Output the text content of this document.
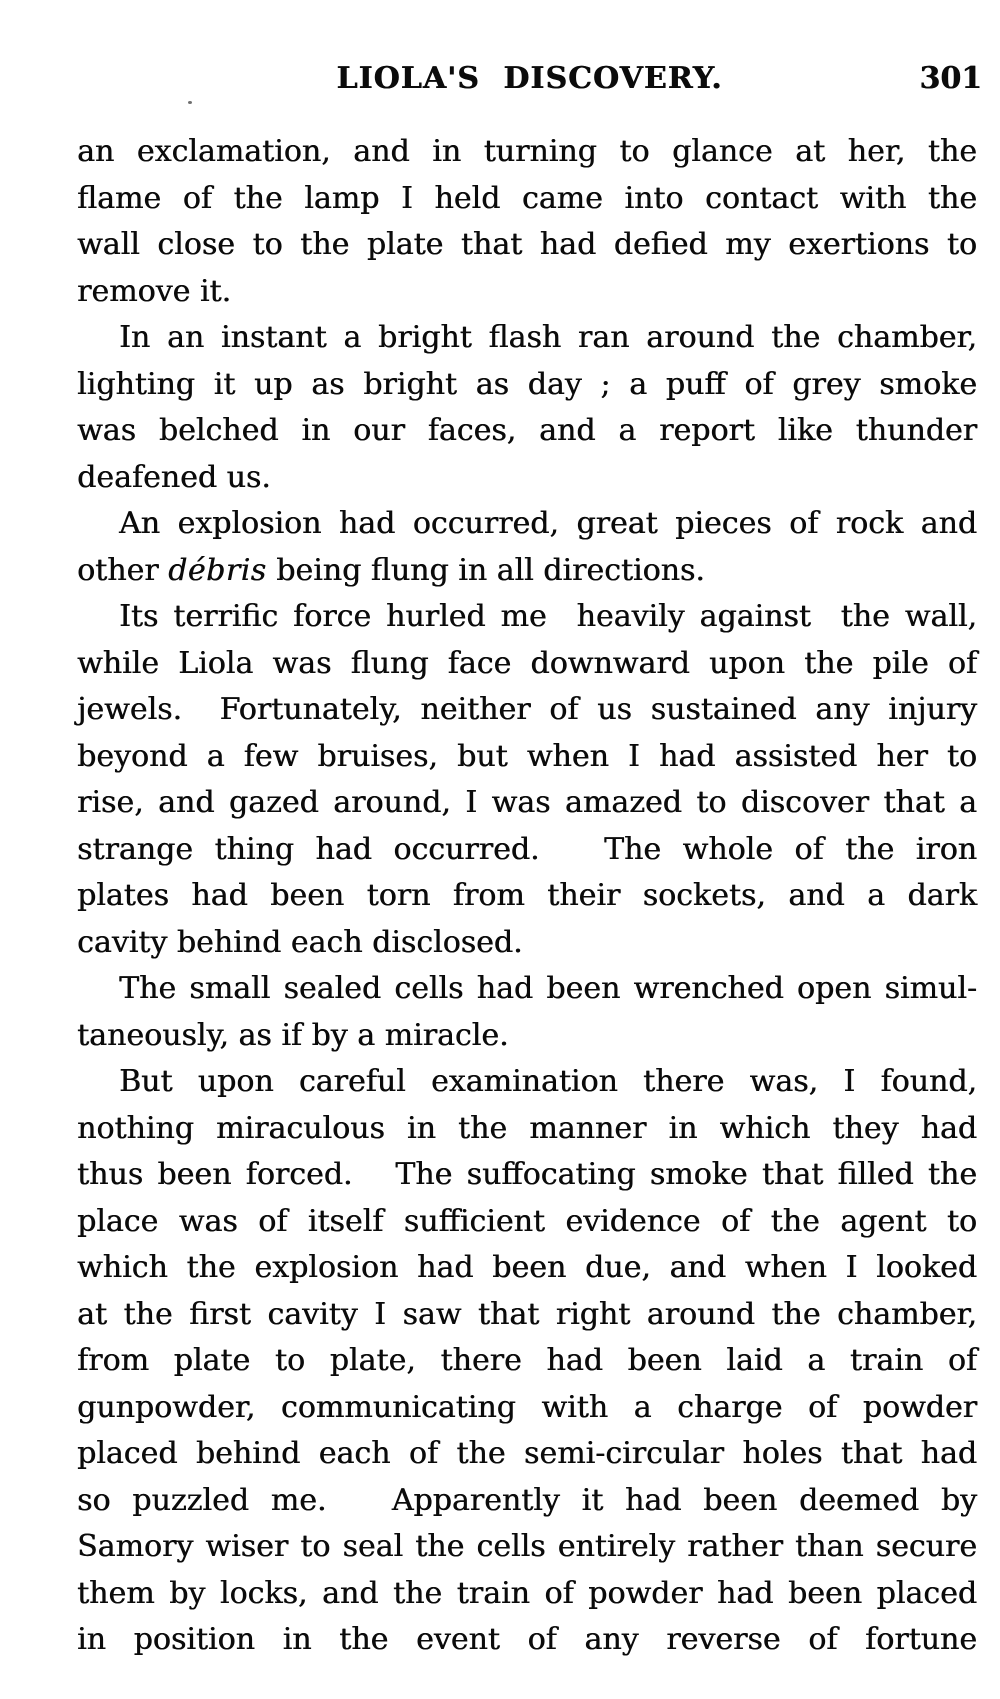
LIOLA'S DISCOVERY.	301
an exclamation, and in turning to glance at her, the
flame of the lamp I held came into contact with the
wall close to the plate that had defied my exertions to
remove it.
In an instant a bright flash ran around the chamber,
lighting it up as bright as day ; a puff of grey smoke
was belched in our faces, and a report like thunder
deafened us.
An explosion had occurred, great pieces of rock and
other débris being flung in all directions.
Its terrific force hurled me  heavily against  the wall,
while Liola was flung face downward upon the pile of
jewels.  Fortunately, neither of us sustained any injury
beyond a few bruises, but when I had assisted her to
rise, and gazed around, I was amazed to discover that a
strange thing had occurred.   The whole of the iron
plates had been torn from their sockets, and a dark
cavity behind each disclosed.
The small sealed cells had been wrenched open simul-
taneously, as if by a miracle.
But upon careful examination there was, I found,
nothing miraculous in the manner in which they had
thus been forced.   The suffocating smoke that filled the
place was of itself sufficient evidence of the agent to
which the explosion had been due, and when I looked
at the first cavity I saw that right around the chamber,
from plate to plate, there had been laid a train of
gunpowder, communicating with a charge of powder
placed behind each of the semi-circular holes that had
so puzzled me.   Apparently it had been deemed by
Samory wiser to seal the cells entirely rather than secure
them by locks, and the train of powder had been placed
in position in the event of any reverse of fortune
